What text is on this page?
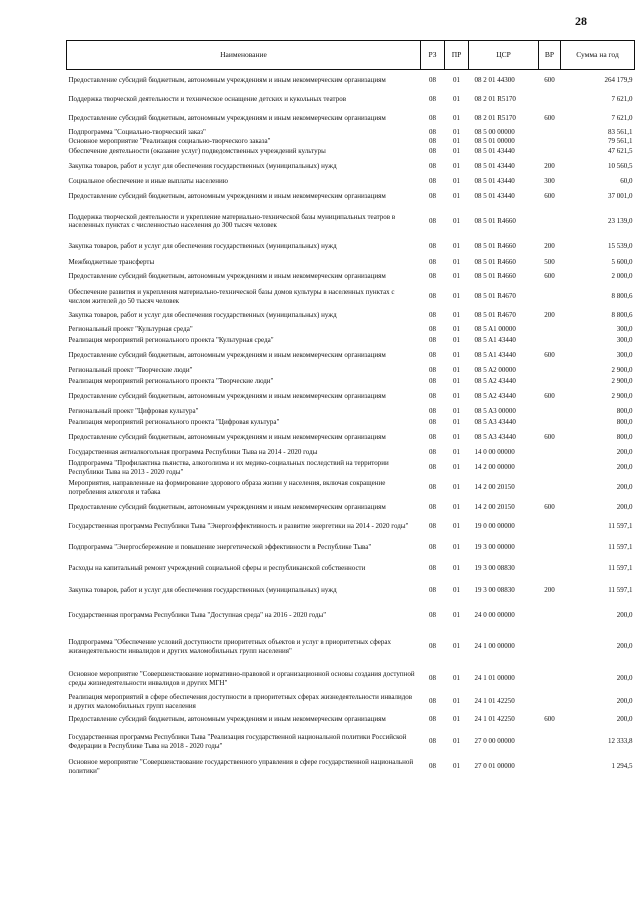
28
Наименование	РЗ	ПР	ЦСР	ВР	Сумма на год
Предоставление субсидий бюджетным, автономным учреждениям и иным некоммерческим организациям	08	01	08 2 01 44300	600	264 179,9
Поддержка творческой деятельности и техническое оснащение детских и кукольных театров	08	01	08 2 01 R5170		7 621,0
Предоставление субсидий бюджетным, автономным учреждениям и иным некоммерческим организациям	08	01	08 2 01 R5170	600	7 621,0
Подпрограмма "Социально-творческий заказ"	08	01	08 5 00 00000		83 561,1
Основное мероприятие "Реализация социально-творческого заказа"	08	01	08 5 01 00000		79 561,1
Обеспечение деятельности (оказание услуг) подведомственных учреждений культуры	08	01	08 5 01 43440		47 621,5
Закупка товаров, работ и услуг для обеспечения государственных (муниципальных) нужд	08	01	08 5 01 43440	200	10 560,5
Социальное обеспечение и иные выплаты населению	08	01	08 5 01 43440	300	60,0
Предоставление субсидий бюджетным, автономным учреждениям и иным некоммерческим организациям	08	01	08 5 01 43440	600	37 001,0
Поддержка творческой деятельности и укрепление материально-технической базы муниципальных театров в населенных пунктах с численностью населения до 300 тысяч человек	08	01	08 5 01 R4660		23 139,0
Закупка товаров, работ и услуг для обеспечения государственных (муниципальных) нужд	08	01	08 5 01 R4660	200	15 539,0
Межбюджетные трансферты	08	01	08 5 01 R4660	500	5 600,0
Предоставление субсидий бюджетным, автономным учреждениям и иным некоммерческим организациям	08	01	08 5 01 R4660	600	2 000,0
Обеспечение развития и укрепления материально-технической базы домов культуры в населенных пунктах с числом жителей до 50 тысяч человек	08	01	08 5 01 R4670		8 800,6
Закупка товаров, работ и услуг для обеспечения государственных (муниципальных) нужд	08	01	08 5 01 R4670	200	8 800,6
Региональный проект "Культурная среда"	08	01	08 5 A1 00000		300,0
Реализация мероприятий регионального проекта "Культурная среда"	08	01	08 5 A1 43440		300,0
Предоставление субсидий бюджетным, автономным учреждениям и иным некоммерческим организациям	08	01	08 5 A1 43440	600	300,0
Региональный проект "Творческие люди"	08	01	08 5 A2 00000		2 900,0
Реализация мероприятий регионального проекта "Творческие люди"	08	01	08 5 A2 43440		2 900,0
Предоставление субсидий бюджетным, автономным учреждениям и иным некоммерческим организациям	08	01	08 5 A2 43440	600	2 900,0
Региональный проект "Цифровая культура"	08	01	08 5 A3 00000		800,0
Реализация мероприятий регионального проекта "Цифровая культура"	08	01	08 5 A3 43440		800,0
Предоставление субсидий бюджетным, автономным учреждениям и иным некоммерческим организациям	08	01	08 5 A3 43440	600	800,0
Государственная антиалкогольная программа Республики Тыва на 2014 - 2020 годы	08	01	14 0 00 00000		200,0
Подпрограмма "Профилактика пьянства, алкоголизма и их медико-социальных последствий на территории Республики Тыва на 2013 - 2020 годы"	08	01	14 2 00 00000		200,0
Мероприятия, направленные на формирование здорового образа жизни у населения, включая сокращение потребления алкоголя и табака	08	01	14 2 00 20150		200,0
Предоставление субсидий бюджетным, автономным учреждениям и иным некоммерческим организациям	08	01	14 2 00 20150	600	200,0
Государственная программа Республики Тыва "Энергоэффективность и развитие энергетики на 2014 - 2020 годы"	08	01	19 0 00 00000		11 597,1
Подпрограмма "Энергосбережение и повышение энергетической эффективности в Республике Тыва"	08	01	19 3 00 00000		11 597,1
Расходы на капитальный ремонт учреждений социальной сферы и республиканской собственности	08	01	19 3 00 08830		11 597,1
Закупка товаров, работ и услуг для обеспечения государственных (муниципальных) нужд	08	01	19 3 00 08830	200	11 597,1
Государственная программа Республики Тыва "Доступная среда" на 2016 - 2020 годы"	08	01	24 0 00 00000		200,0
Подпрограмма "Обеспечение условий доступности приоритетных объектов и услуг в приоритетных сферах жизнедеятельности инвалидов и других маломобильных групп населения"	08	01	24 1 00 00000		200,0
Основное мероприятие "Совершенствование нормативно-правовой и организационной основы создания доступной среды жизнедеятельности инвалидов и других МГН"	08	01	24 1 01 00000		200,0
Реализация мероприятий в сфере обеспечения доступности в приоритетных сферах жизнедеятельности инвалидов и других маломобильных групп населения	08	01	24 1 01 42250		200,0
Предоставление субсидий бюджетным, автономным учреждениям и иным некоммерческим организациям	08	01	24 1 01 42250	600	200,0
Государственная программа Республики Тыва "Реализация государственной национальной политики Российской Федерации в Республике Тыва на 2018 - 2020 годы"	08	01	27 0 00 00000		12 333,8
Основное мероприятие "Совершенствование государственного управления в сфере государственной национальной политики"	08	01	27 0 01 00000		1 294,5
